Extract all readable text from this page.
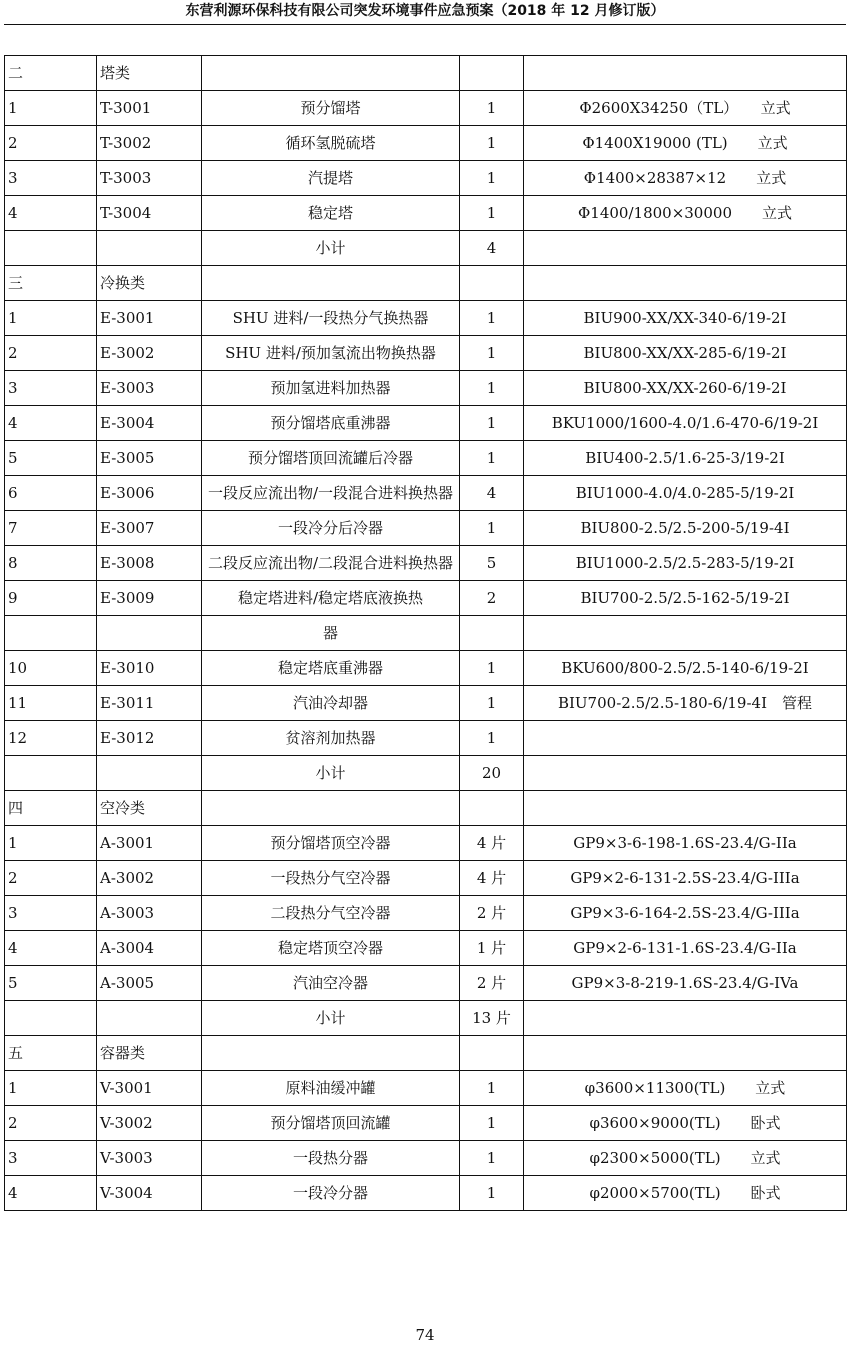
东营利源环保科技有限公司突发环境事件应急预案（2018 年 12 月修订版）
二	塔类			
1	T-3001	预分馏塔	1	Φ2600X34250（TL）　　立式
2	T-3002	循环氢脱硫塔	1	Φ1400X19000 (TL)　　立式
3	T-3003	汽提塔	1	Φ1400×28387×12　　立式
4	T-3004	稳定塔	1	Φ1400/1800×30000　　立式
		小计	4	
三	冷换类			
1	E-3001	SHU 进料/一段热分气换热器	1	BIU900-XX/XX-340-6/19-2I
2	E-3002	SHU 进料/预加氢流出物换热器	1	BIU800-XX/XX-285-6/19-2I
3	E-3003	预加氢进料加热器	1	BIU800-XX/XX-260-6/19-2I
4	E-3004	预分馏塔底重沸器	1	BKU1000/1600-4.0/1.6-470-6/19-2I
5	E-3005	预分馏塔顶回流罐后冷器	1	BIU400-2.5/1.6-25-3/19-2I
6	E-3006	一段反应流出物/一段混合进料换热器	4	BIU1000-4.0/4.0-285-5/19-2I
7	E-3007	一段冷分后冷器	1	BIU800-2.5/2.5-200-5/19-4I
8	E-3008	二段反应流出物/二段混合进料换热器	5	BIU1000-2.5/2.5-283-5/19-2I
9	E-3009	稳定塔进料/稳定塔底液换热	2	BIU700-2.5/2.5-162-5/19-2I
		器		
10	E-3010	稳定塔底重沸器	1	BKU600/800-2.5/2.5-140-6/19-2I
11	E-3011	汽油冷却器	1	BIU700-2.5/2.5-180-6/19-4I　管程
12	E-3012	贫溶剂加热器	1	
		小计	20	
四	空冷类			
1	A-3001	预分馏塔顶空冷器	4 片	GP9×3-6-198-1.6S-23.4/G-IIa
2	A-3002	一段热分气空冷器	4 片	GP9×2-6-131-2.5S-23.4/G-IIIa
3	A-3003	二段热分气空冷器	2 片	GP9×3-6-164-2.5S-23.4/G-IIIa
4	A-3004	稳定塔顶空冷器	1 片	GP9×2-6-131-1.6S-23.4/G-IIa
5	A-3005	汽油空冷器	2 片	GP9×3-8-219-1.6S-23.4/G-IVa
		小计	13 片	
五	容器类			
1	V-3001	原料油缓冲罐	1	φ3600×11300(TL)　　立式
2	V-3002	预分馏塔顶回流罐	1	φ3600×9000(TL)　　卧式
3	V-3003	一段热分器	1	φ2300×5000(TL)　　立式
4	V-3004	一段冷分器	1	φ2000×5700(TL)　　卧式
74
